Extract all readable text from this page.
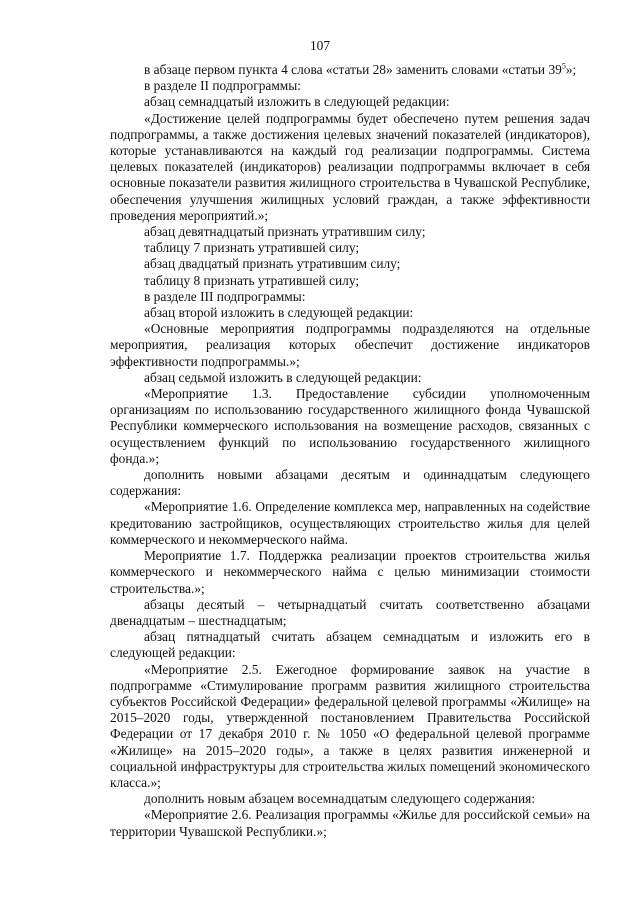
107

в абзаце первом пункта 4 слова «статьи 28» заменить словами «статьи $39^5$»;

в разделе II подпрограммы:

абзац семнадцатый изложить в следующей редакции:

«Достижение целей подпрограммы будет обеспечено путем решения задач подпрограммы, а также достижения целевых значений показателей (индикаторов), которые устанавливаются на каждый год реализации подпрограммы. Система целевых показателей (индикаторов) реализации подпрограммы включает в себя основные показатели развития жилищного строительства в Чувашской Республике, обеспечения улучшения жилищных условий граждан, а также эффективности проведения мероприятий.»;

абзац девятнадцатый признать утратившим силу;

таблицу 7 признать утратившей силу;

абзац двадцатый признать утратившим силу;

таблицу 8 признать утратившей силу;

в разделе III подпрограммы:

абзац второй изложить в следующей редакции:

«Основные мероприятия подпрограммы подразделяются на отдельные мероприятия, реализация которых обеспечит достижение индикаторов эффективности подпрограммы.»;

абзац седьмой изложить в следующей редакции:

«Мероприятие 1.3. Предоставление субсидии уполномоченным организациям по использованию государственного жилищного фонда Чувашской Республики коммерческого использования на возмещение расходов, связанных с осуществлением функций по использованию государственного жилищного фонда.»;

дополнить новыми абзацами десятым и одиннадцатым следующего содержания:

«Мероприятие 1.6. Определение комплекса мер, направленных на содействие кредитованию застройщиков, осуществляющих строительство жилья для целей коммерческого и некоммерческого найма.

Мероприятие 1.7. Поддержка реализации проектов строительства жилья коммерческого и некоммерческого найма с целью минимизации стоимости строительства.»;

абзацы десятый – четырнадцатый считать соответственно абзацами двенадцатым – шестнадцатым;

абзац пятнадцатый считать абзацем семнадцатым и изложить его в следующей редакции:

«Мероприятие 2.5. Ежегодное формирование заявок на участие в подпрограмме «Стимулирование программ развития жилищного строительства субъектов Российской Федерации» федеральной целевой программы «Жилище» на 2015–2020 годы, утвержденной постановлением Правительства Российской Федерации от 17 декабря 2010 г. № 1050 «О федеральной целевой программе «Жилище» на 2015–2020 годы», а также в целях развития инженерной и социальной инфраструктуры для строительства жилых помещений экономического класса.»;

дополнить новым абзацем восемнадцатым следующего содержания:

«Мероприятие 2.6. Реализация программы «Жилье для российской семьи» на территории Чувашской Республики.»;
